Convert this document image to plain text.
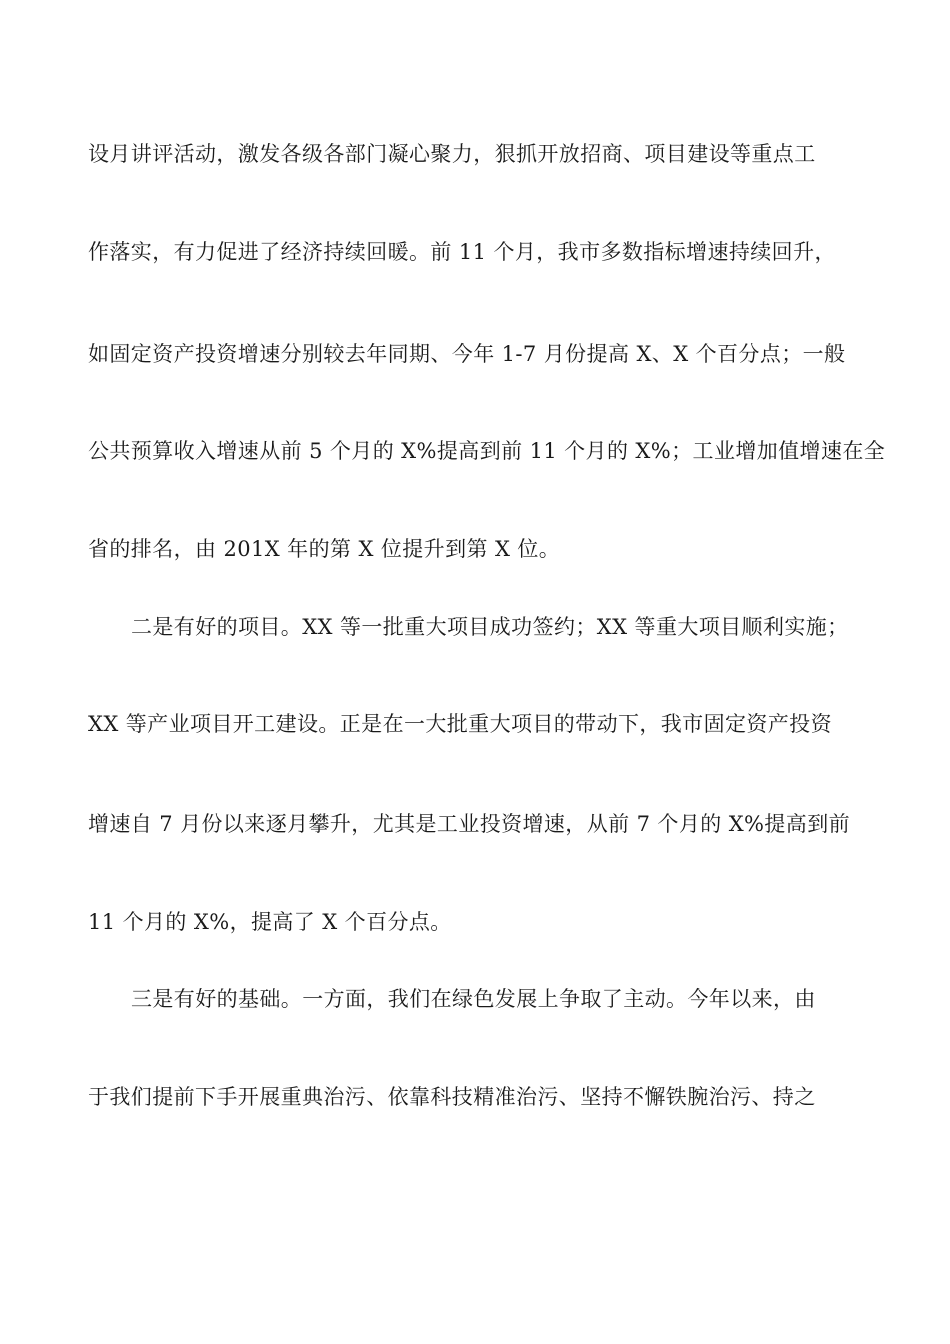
设月讲评活动，激发各级各部门凝心聚力，狠抓开放招商、项目建设等重点工
作落实，有力促进了经济持续回暖。前 11 个月，我市多数指标增速持续回升，
如固定资产投资增速分别较去年同期、今年 1-7 月份提高 X、X 个百分点；一般
公共预算收入增速从前 5 个月的 X%提高到前 11 个月的 X%；工业增加值增速在全
省的排名，由 201X 年的第 X 位提升到第 X 位。
二是有好的项目。XX 等一批重大项目成功签约；XX 等重大项目顺利实施；
XX 等产业项目开工建设。正是在一大批重大项目的带动下，我市固定资产投资
增速自 7 月份以来逐月攀升，尤其是工业投资增速，从前 7 个月的 X%提高到前
11 个月的 X%，提高了 X 个百分点。
三是有好的基础。一方面，我们在绿色发展上争取了主动。今年以来，由
于我们提前下手开展重典治污、依靠科技精准治污、坚持不懈铁腕治污、持之
